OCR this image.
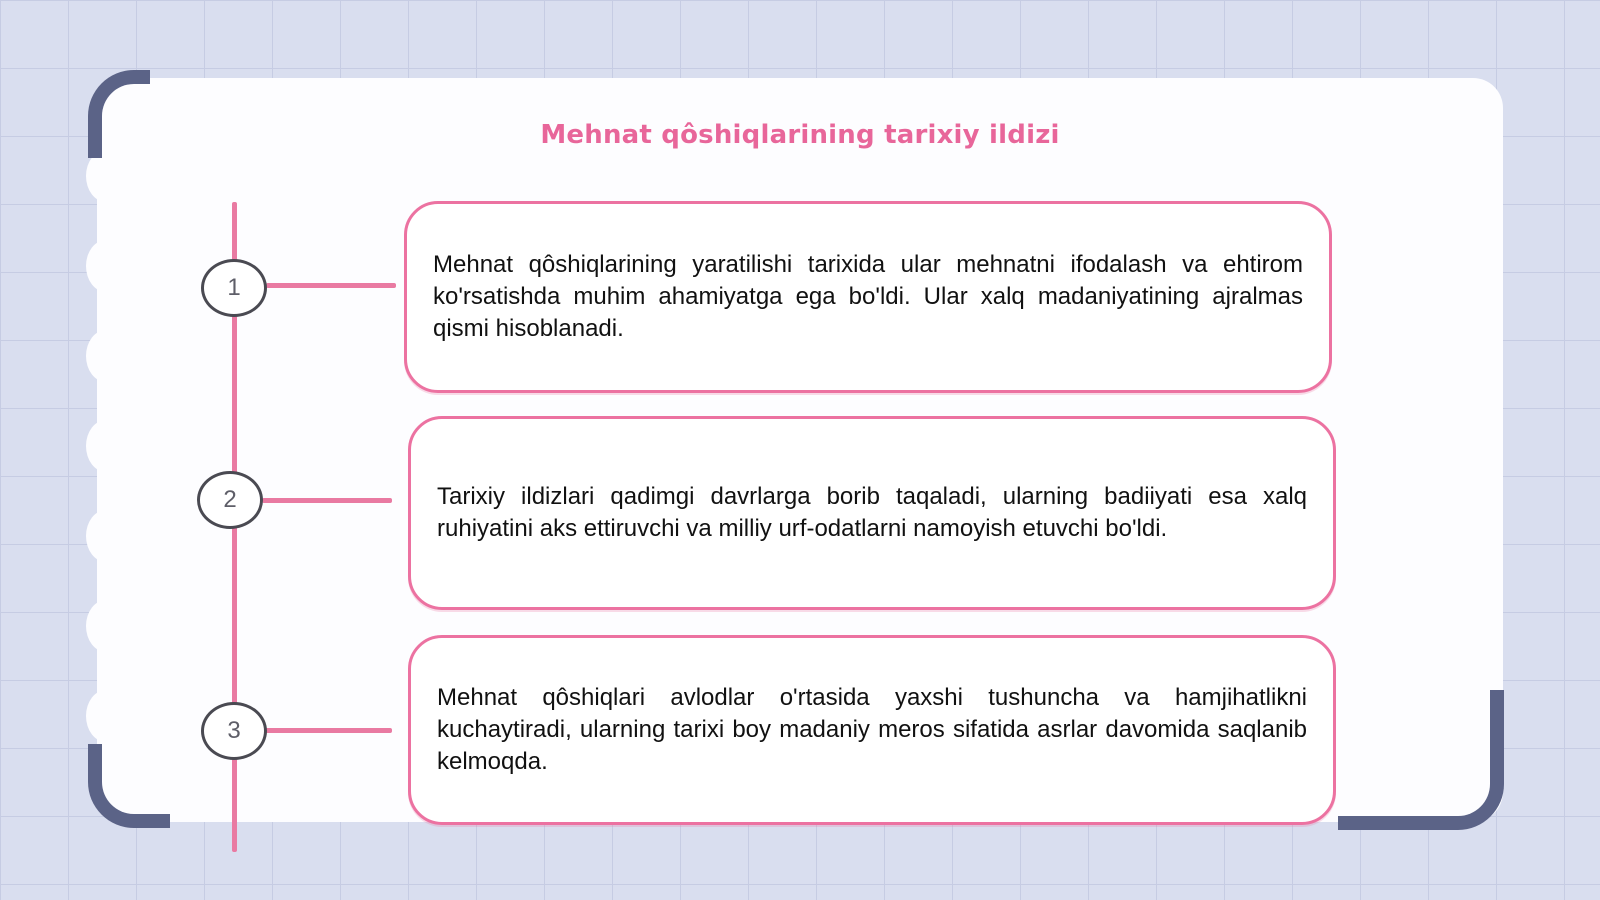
Mehnat qôshiqlarining tarixiy ildizi
1
Mehnat qôshiqlarining yaratilishi tarixida ular mehnatni ifodalash va ehtirom ko'rsatishda muhim ahamiyatga ega bo'ldi. Ular xalq madaniyatining ajralmas qismi hisoblanadi.
2	Tarixiy ildizlari qadimgi davrlarga borib taqaladi, ularning badiiyati esa xalq ruhiyatini aks ettiruvchi va milliy urf-odatlarni namoyish etuvchi bo'ldi.
3
Mehnat qôshiqlari avlodlar o'rtasida yaxshi tushuncha va hamjihatlikni kuchaytiradi, ularning tarixi boy madaniy meros sifatida asrlar davomida saqlanib kelmoqda.
